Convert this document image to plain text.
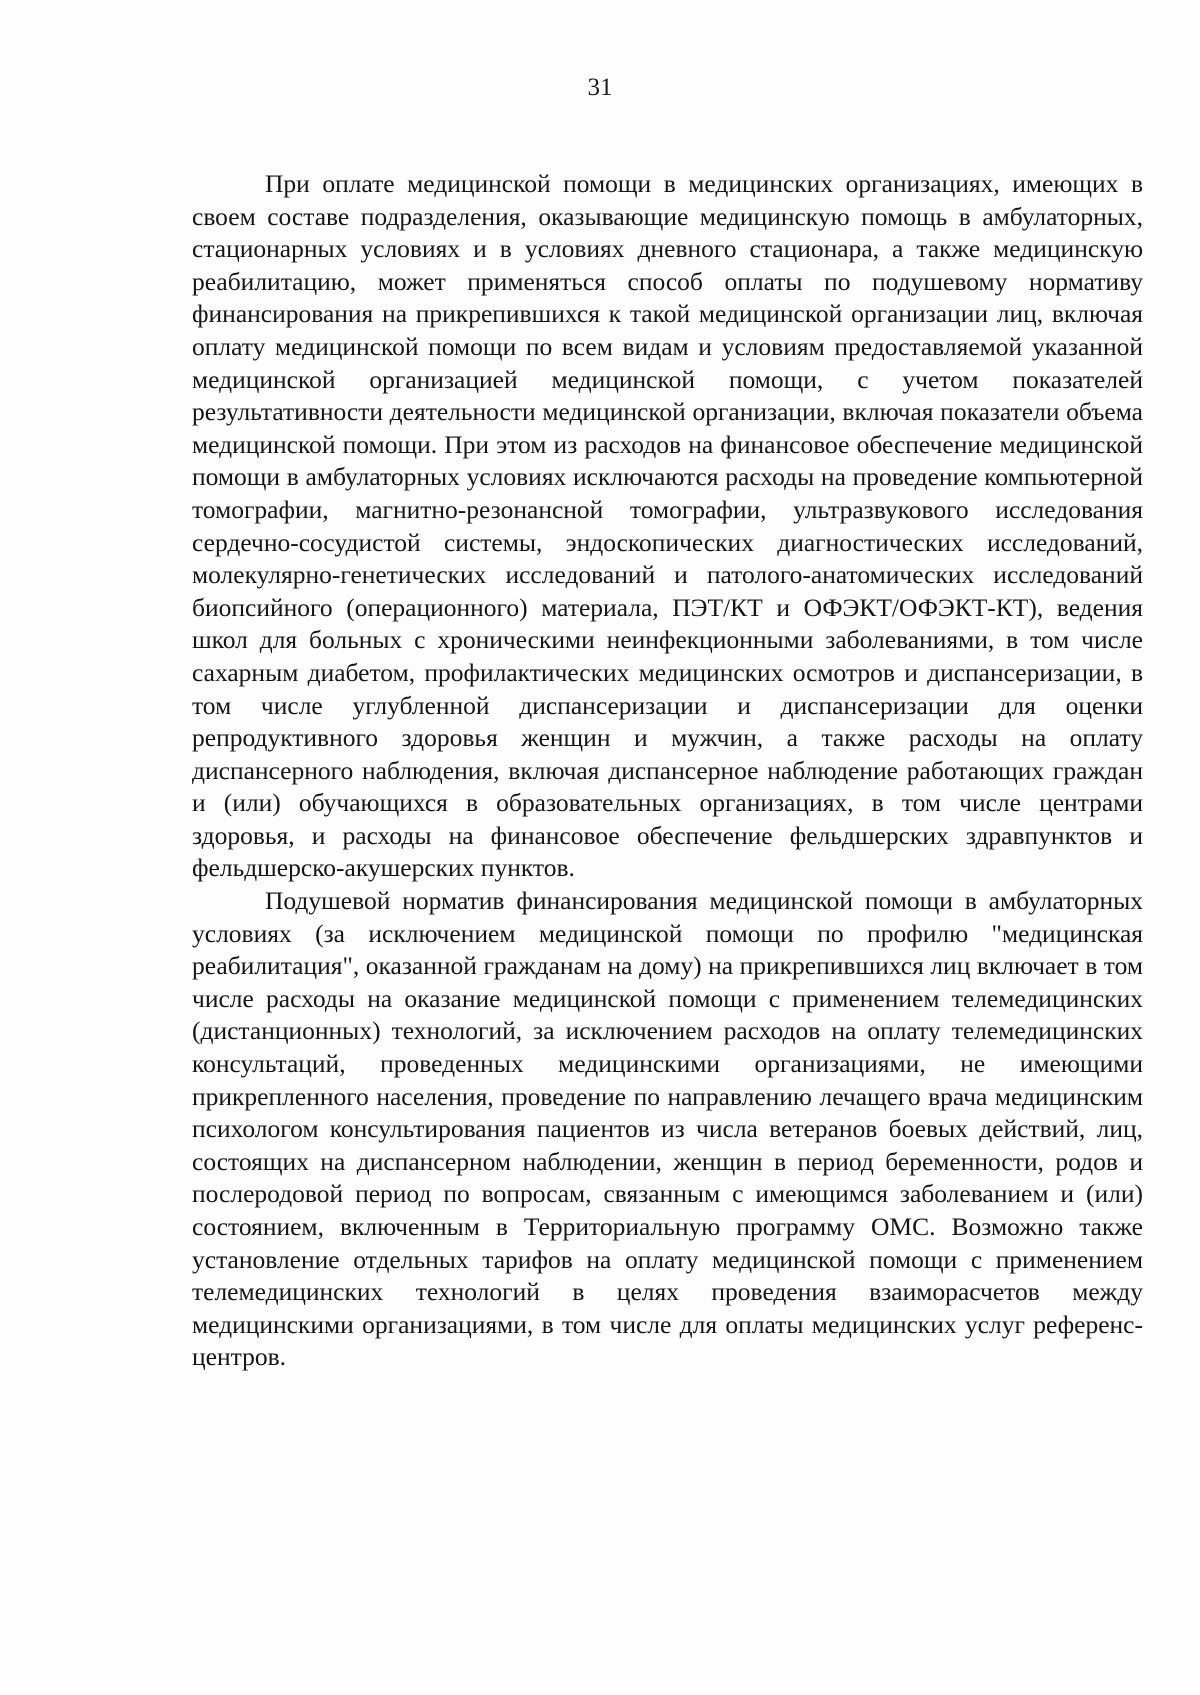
31

При оплате медицинской помощи в медицинских организациях, имеющих в своем составе подразделения, оказывающие медицинскую помощь в амбулаторных, стационарных условиях и в условиях дневного стационара, а также медицинскую реабилитацию, может применяться способ оплаты по подушевому нормативу финансирования на прикрепившихся к такой медицинской организации лиц, включая оплату медицинской помощи по всем видам и условиям предоставляемой указанной медицинской организацией медицинской помощи, с учетом показателей результативности деятельности медицинской организации, включая показатели объема медицинской помощи. При этом из расходов на финансовое обеспечение медицинской помощи в амбулаторных условиях исключаются расходы на проведение компьютерной томографии, магнитно-резонансной томографии, ультразвукового исследования сердечно-сосудистой системы, эндоскопических диагностических исследований, молекулярно-генетических исследований и патолого-анатомических исследований биопсийного (операционного) материала, ПЭТ/КТ и ОФЭКТ/ОФЭКТ-КТ), ведения школ для больных с хроническими неинфекционными заболеваниями, в том числе сахарным диабетом, профилактических медицинских осмотров и диспансеризации, в том числе углубленной диспансеризации и диспансеризации для оценки репродуктивного здоровья женщин и мужчин, а также расходы на оплату диспансерного наблюдения, включая диспансерное наблюдение работающих граждан и (или) обучающихся в образовательных организациях, в том числе центрами здоровья, и расходы на финансовое обеспечение фельдшерских здравпунктов и фельдшерско-акушерских пунктов.

Подушевой норматив финансирования медицинской помощи в амбулаторных условиях (за исключением медицинской помощи по профилю "медицинская реабилитация", оказанной гражданам на дому) на прикрепившихся лиц включает в том числе расходы на оказание медицинской помощи с применением телемедицинских (дистанционных) технологий, за исключением расходов на оплату телемедицинских консультаций, проведенных медицинскими организациями, не имеющими прикрепленного населения, проведение по направлению лечащего врача медицинским психологом консультирования пациентов из числа ветеранов боевых действий, лиц, состоящих на диспансерном наблюдении, женщин в период беременности, родов и послеродовой период по вопросам, связанным с имеющимся заболеванием и (или) состоянием, включенным в Территориальную программу ОМС. Возможно также установление отдельных тарифов на оплату медицинской помощи с применением телемедицинских технологий в целях проведения взаиморасчетов между медицинскими организациями, в том числе для оплаты медицинских услуг референс-центров.
